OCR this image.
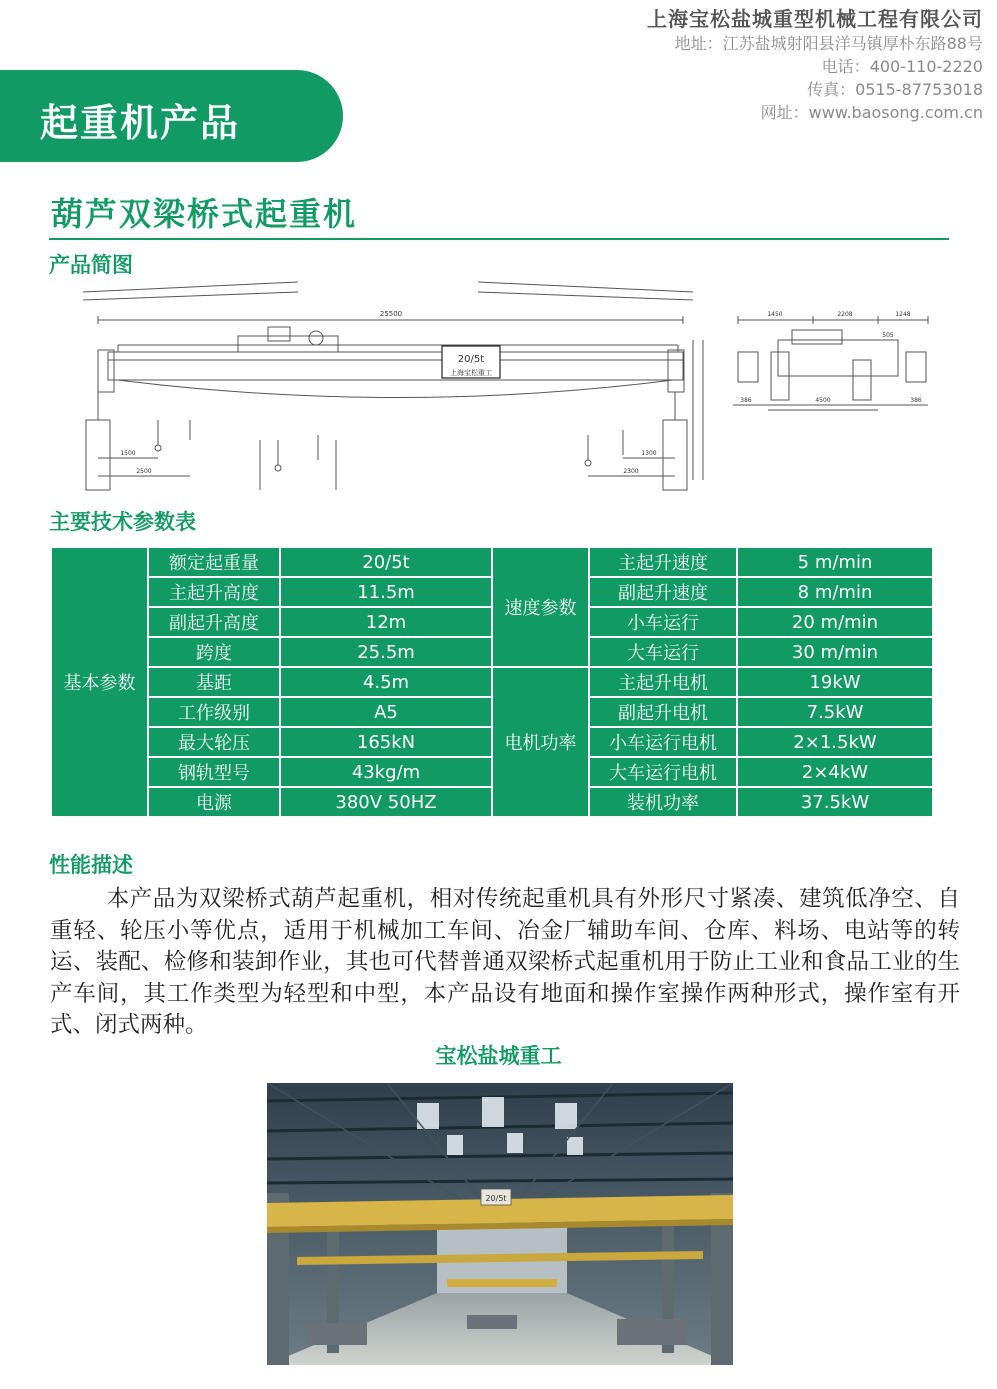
上海宝松盐城重型机械工程有限公司
地址：江苏盐城射阳县洋马镇厚朴东路88号
电话：400-110-2220
传真：0515-87753018
网址：www.baosong.com.cn
起重机产品
葫芦双梁桥式起重机
产品简图
20/5t
上海宝松重工
25500
1500
2500
1300
2300
1450	2208	1248
505
4500
386	386
主要技术参数表
基本参数	额定起重量	20/5t	速度参数	主起升速度	5 m/min
	主起升高度	11.5m		副起升速度	8 m/min
	副起升高度	12m		小车运行	20 m/min
	跨度	25.5m		大车运行	30 m/min
	基距	4.5m	电机功率	主起升电机	19kW
	工作级别	A5		副起升电机	7.5kW
	最大轮压	165kN		小车运行电机	2×1.5kW
	钢轨型号	43kg/m		大车运行电机	2×4kW
	电源	380V 50HZ		装机功率	37.5kW
性能描述
本产品为双梁桥式葫芦起重机，相对传统起重机具有外形尺寸紧凑、建筑低净空、自重轻、轮压小等优点，适用于机械加工车间、冶金厂辅助车间、仓库、料场、电站等的转运、装配、检修和装卸作业，其也可代替普通双梁桥式起重机用于防止工业和食品工业的生产车间，其工作类型为轻型和中型，本产品设有地面和操作室操作两种形式，操作室有开式、闭式两种。
宝松盐城重工
20/5t
